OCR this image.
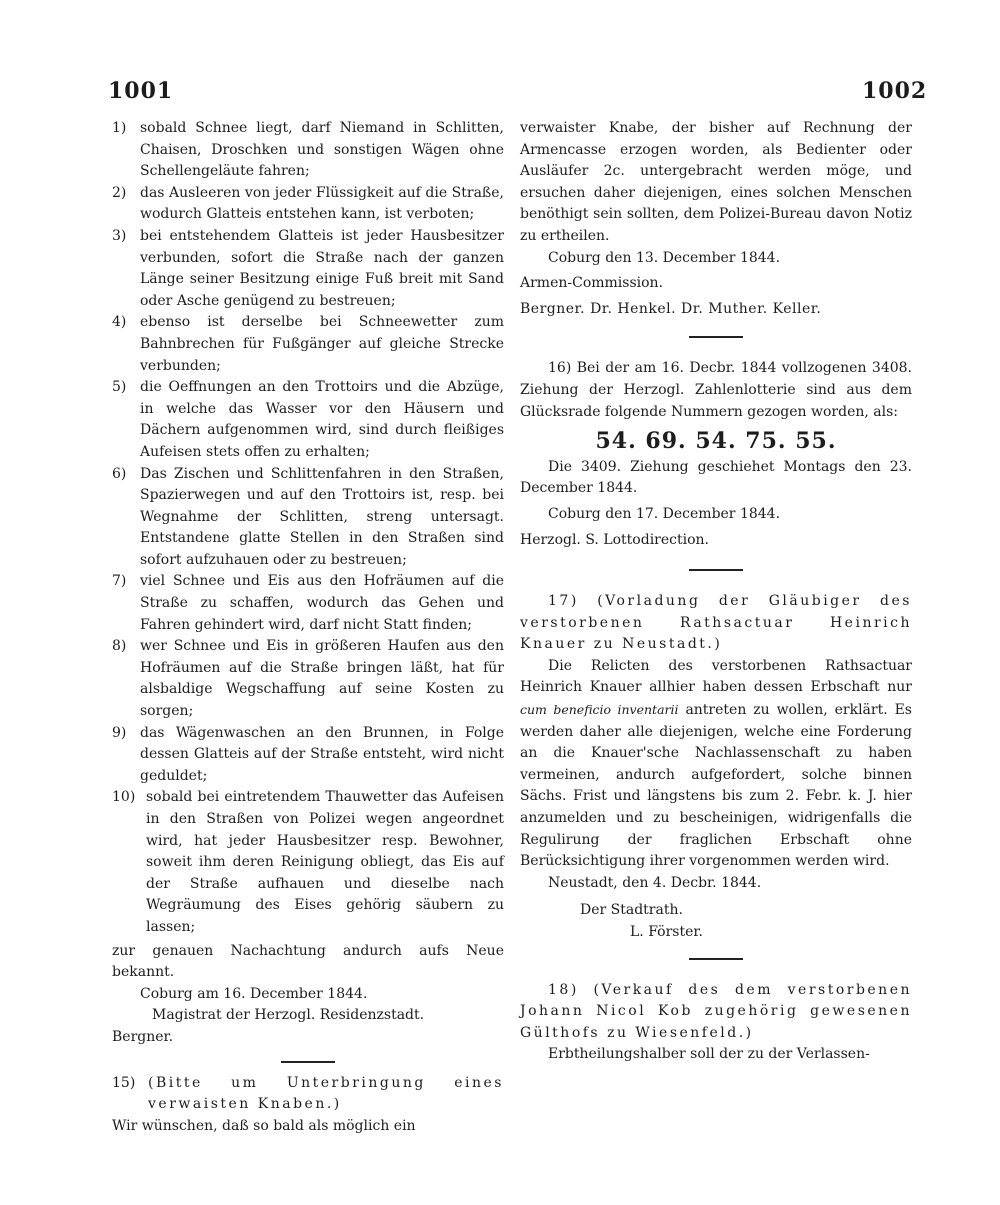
1001	1002
1) sobald Schnee liegt, darf Niemand in Schlitten, Chaisen, Droschken und sonstigen Wägen ohne Schellengeläute fahren;
2) das Ausleeren von jeder Flüssigkeit auf die Straße, wodurch Glatteis entstehen kann, ist verboten;
3) bei entstehendem Glatteis ist jeder Hausbesitzer verbunden, sofort die Straße nach der ganzen Länge seiner Besitzung einige Fuß breit mit Sand oder Asche genügend zu bestreuen;
4) ebenso ist derselbe bei Schneewetter zum Bahnbrechen für Fußgänger auf gleiche Strecke verbunden;
5) die Oeffnungen an den Trottoirs und die Abzüge, in welche das Wasser vor den Häusern und Dächern aufgenommen wird, sind durch fleißiges Aufeisen stets offen zu erhalten;
6) Das Zischen und Schlittenfahren in den Straßen, Spazierwegen und auf den Trottoirs ist, resp. bei Wegnahme der Schlitten, streng untersagt. Entstandene glatte Stellen in den Straßen sind sofort aufzuhauen oder zu bestreuen;
7) viel Schnee und Eis aus den Hofräumen auf die Straße zu schaffen, wodurch das Gehen und Fahren gehindert wird, darf nicht Statt finden;
8) wer Schnee und Eis in größeren Haufen aus den Hofräumen auf die Straße bringen läßt, hat für alsbaldige Wegschaffung auf seine Kosten zu sorgen;
9) das Wägenwaschen an den Brunnen, in Folge dessen Glatteis auf der Straße entsteht, wird nicht geduldet;
10) sobald bei eintretendem Thauwetter das Aufeisen in den Straßen von Polizei wegen angeordnet wird, hat jeder Hausbesitzer resp. Bewohner, soweit ihm deren Reinigung obliegt, das Eis auf der Straße aufhauen und dieselbe nach Wegräumung des Eises gehörig säubern zu lassen;

zur genauen Nachachtung andurch aufs Neue bekannt.

Coburg am 16. December 1844.

Magistrat der Herzogl. Residenzstadt.

Bergner.

15) (Bitte um Unterbringung eines verwaisten Knaben.)

Wir wünschen, daß so bald als möglich ein

verwaister Knabe, der bisher auf Rechnung der Armencasse erzogen worden, als Bedienter oder Ausläufer 2c. untergebracht werden möge, und ersuchen daher diejenigen, eines solchen Menschen benöthigt sein sollten, dem Polizei-Bureau davon Notiz zu ertheilen.

Coburg den 13. December 1844.

Armen-Commission.

Bergner. Dr. Henkel. Dr. Muther. Keller.

16) Bei der am 16. Decbr. 1844 vollzogenen 3408. Ziehung der Herzogl. Zahlenlotterie sind aus dem Glücksrade folgende Nummern gezogen worden, als:
54. 69. 54. 75. 55.

Die 3409. Ziehung geschiehet Montags den 23. December 1844.

Coburg den 17. December 1844.

Herzogl. S. Lottodirection.

17) (Vorladung der Gläubiger des verstorbenen Rathsactuar Heinrich Knauer zu Neustadt.)

Die Relicten des verstorbenen Rathsactuar Heinrich Knauer allhier haben dessen Erbschaft nur cum beneficio inventarii antreten zu wollen, erklärt. Es werden daher alle diejenigen, welche eine Forderung an die Knauer'sche Nachlassenschaft zu haben vermeinen, andurch aufgefordert, solche binnen Sächs. Frist und längstens bis zum 2. Febr. k. J. hier anzumelden und zu bescheinigen, widrigenfalls die Regulirung der fraglichen Erbschaft ohne Berücksichtigung ihrer vorgenommen werden wird.

Neustadt, den 4. Decbr. 1844.

Der Stadtrath.

L. Förster.

18) (Verkauf des dem verstorbenen Johann Nicol Kob zugehörig gewesenen Gülthofs zu Wiesenfeld.)

Erbtheilungshalber soll der zu der Verlassen-
